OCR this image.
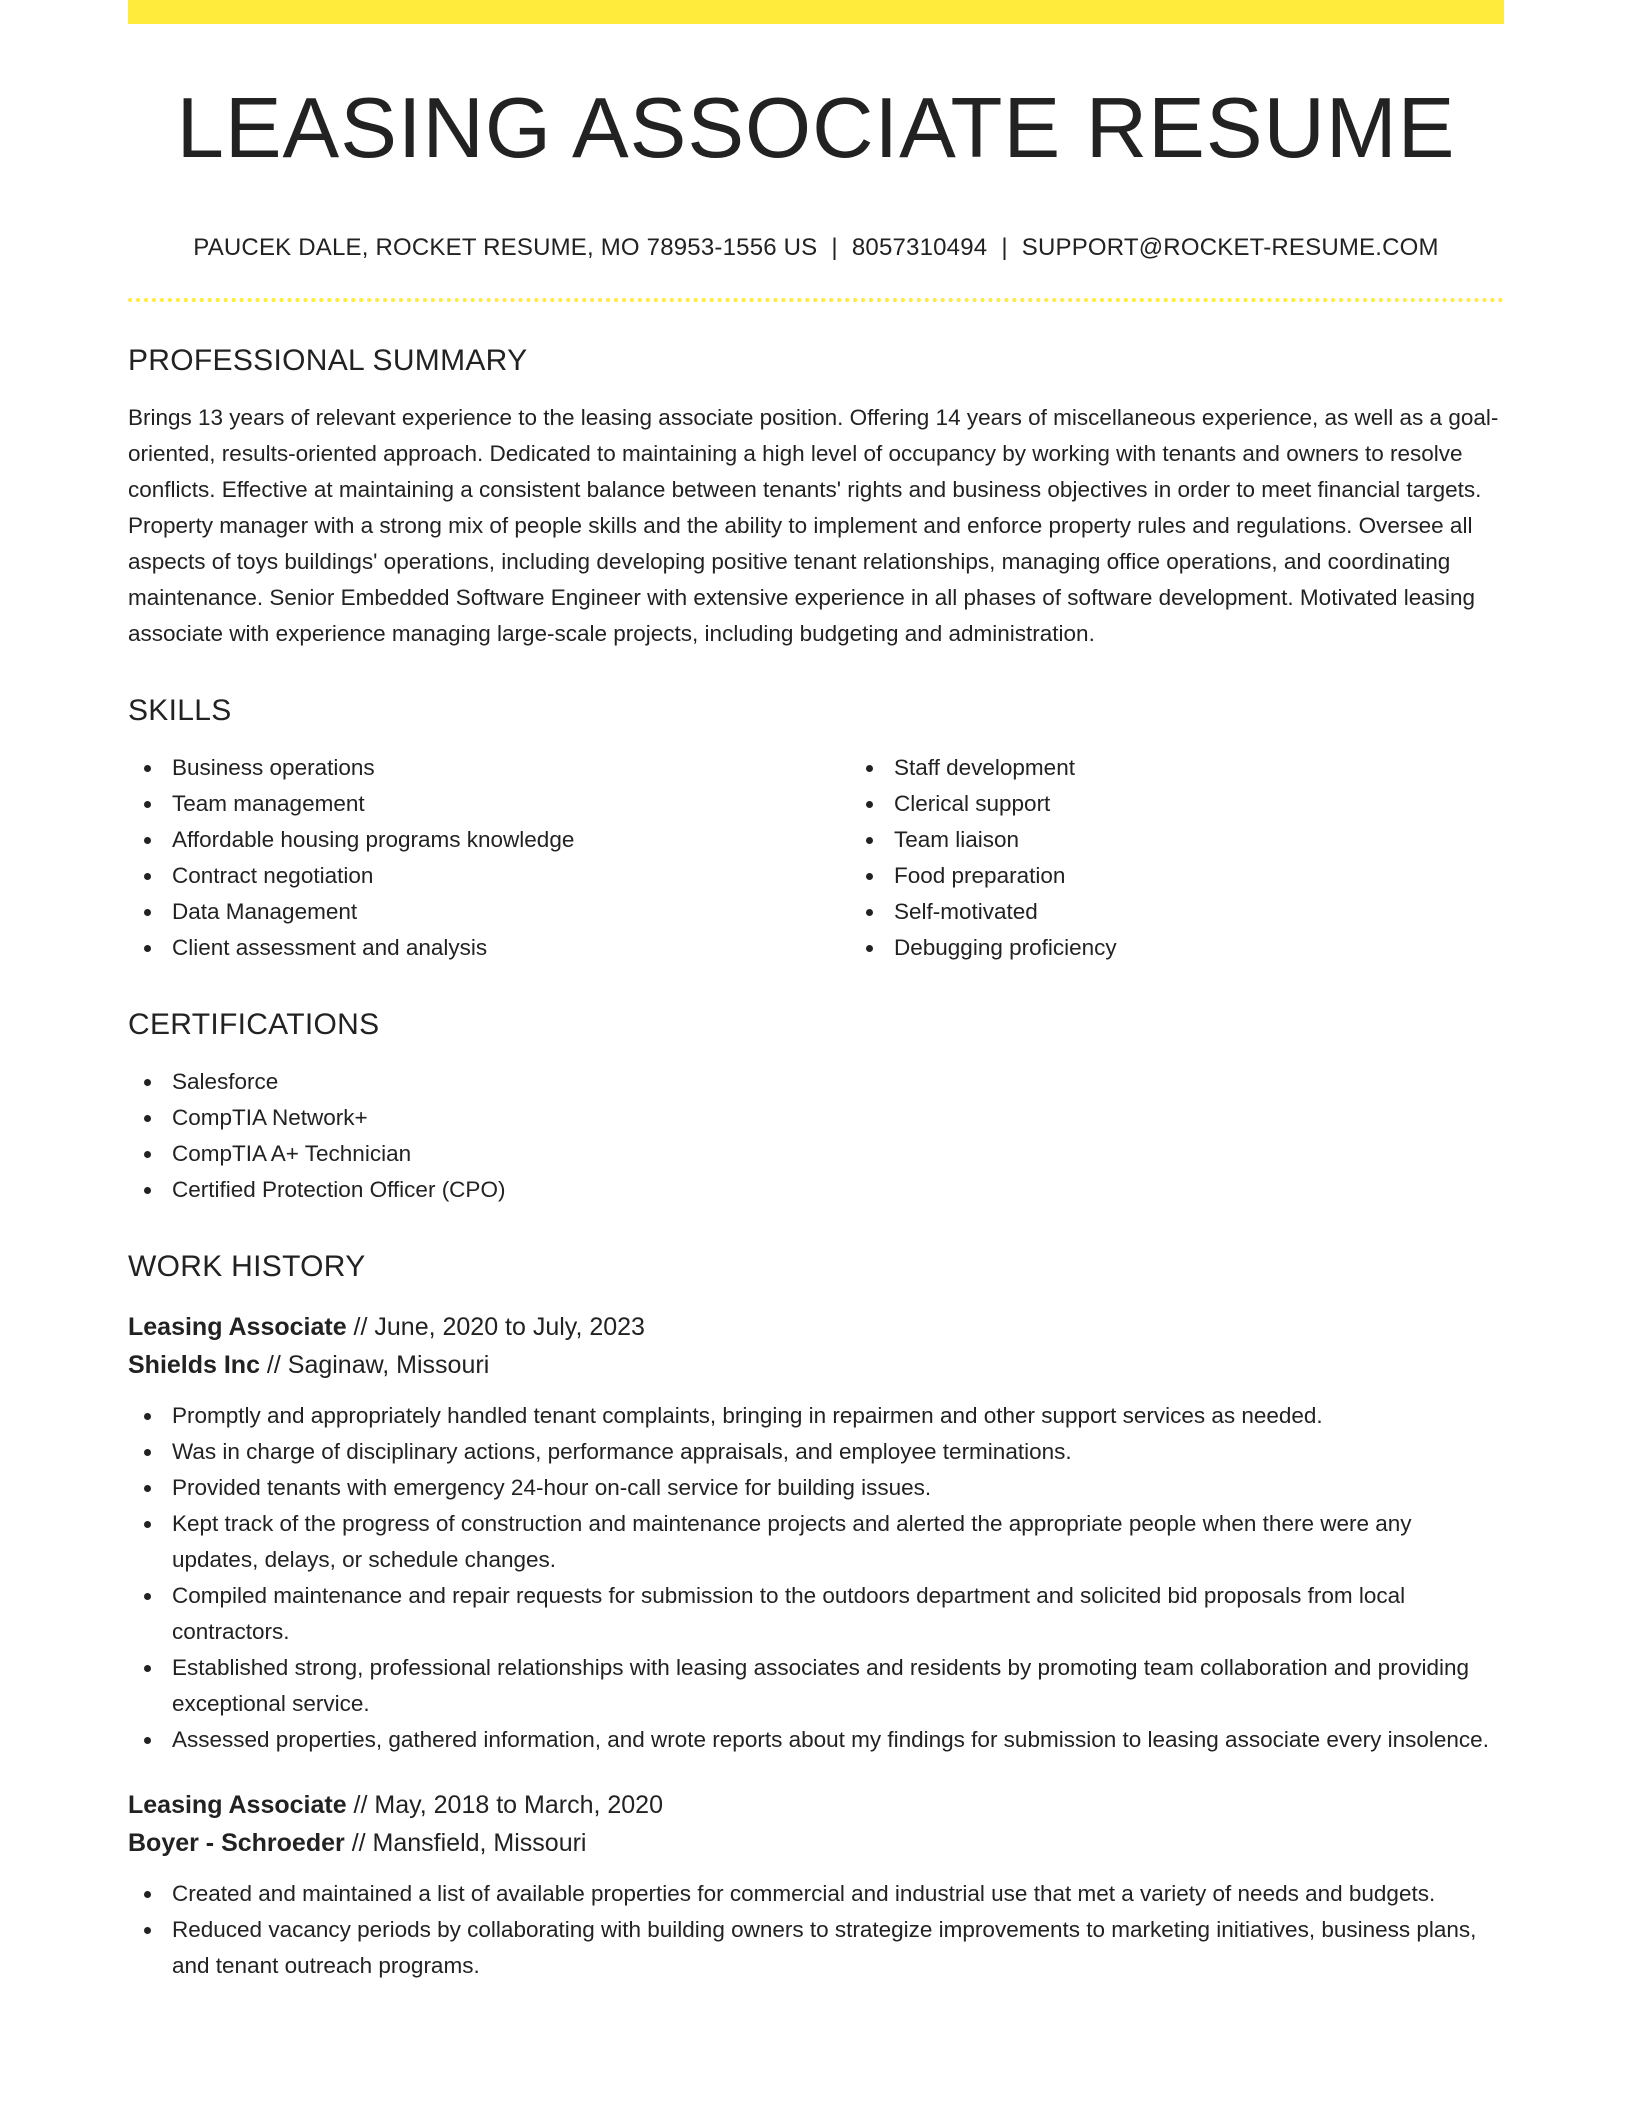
LEASING ASSOCIATE RESUME
PAUCEK DALE, ROCKET RESUME, MO 78953-1556 US | 8057310494 | SUPPORT@ROCKET-RESUME.COM
PROFESSIONAL SUMMARY

Brings 13 years of relevant experience to the leasing associate position. Offering 14 years of miscellaneous experience, as well as a goal-oriented, results-oriented approach. Dedicated to maintaining a high level of occupancy by working with tenants and owners to resolve conflicts. Effective at maintaining a consistent balance between tenants' rights and business objectives in order to meet financial targets. Property manager with a strong mix of people skills and the ability to implement and enforce property rules and regulations. Oversee all aspects of toys buildings' operations, including developing positive tenant relationships, managing office operations, and coordinating maintenance. Senior Embedded Software Engineer with extensive experience in all phases of software development. Motivated leasing associate with experience managing large-scale projects, including budgeting and administration.

SKILLS
Business operations
Team management
Affordable housing programs knowledge
Contract negotiation
Data Management
Client assessment and analysis
Staff development
Clerical support
Team liaison
Food preparation
Self-motivated
Debugging proficiency
CERTIFICATIONS
Salesforce
CompTIA Network+
CompTIA A+ Technician
Certified Protection Officer (CPO)
WORK HISTORY
Leasing Associate // June, 2020 to July, 2023
Shields Inc // Saginaw, Missouri
Promptly and appropriately handled tenant complaints, bringing in repairmen and other support services as needed.
Was in charge of disciplinary actions, performance appraisals, and employee terminations.
Provided tenants with emergency 24-hour on-call service for building issues.
Kept track of the progress of construction and maintenance projects and alerted the appropriate people when there were any updates, delays, or schedule changes.
Compiled maintenance and repair requests for submission to the outdoors department and solicited bid proposals from local contractors.
Established strong, professional relationships with leasing associates and residents by promoting team collaboration and providing exceptional service.
Assessed properties, gathered information, and wrote reports about my findings for submission to leasing associate every insolence.
Leasing Associate // May, 2018 to March, 2020
Boyer - Schroeder // Mansfield, Missouri
Created and maintained a list of available properties for commercial and industrial use that met a variety of needs and budgets.
Reduced vacancy periods by collaborating with building owners to strategize improvements to marketing initiatives, business plans, and tenant outreach programs.
